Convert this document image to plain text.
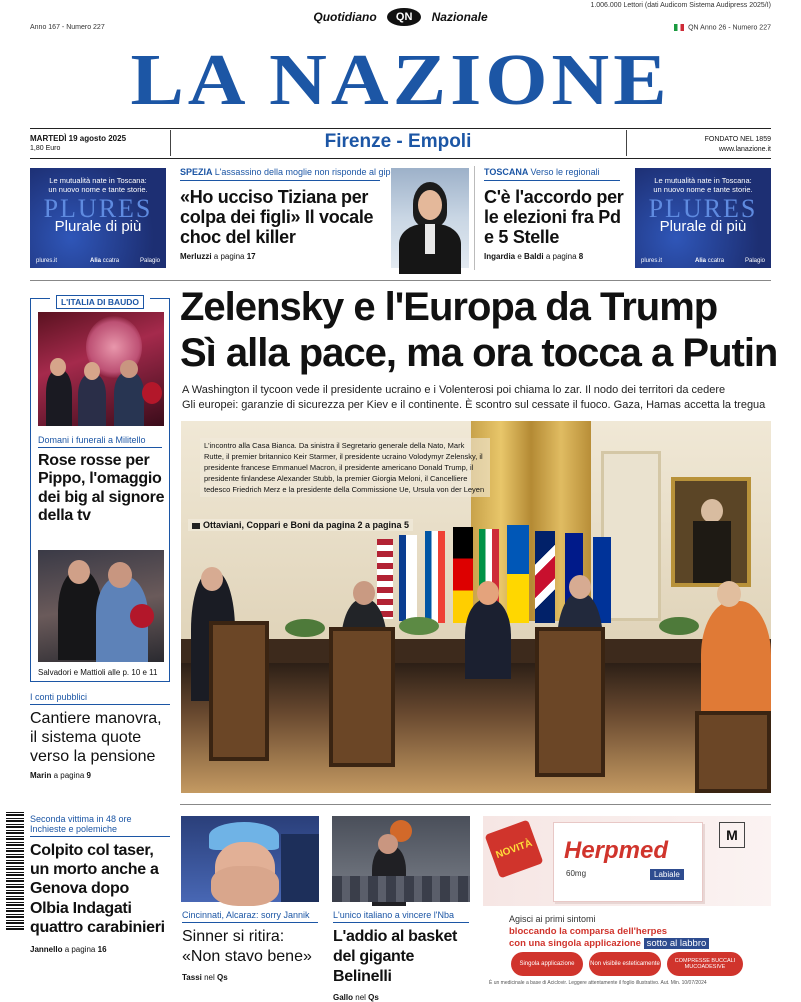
1.006.000 Lettori (dati Audicom Sistema Audipress 2025/I)
Quotidiano QN Nazionale
Anno 167 - Numero 227	QN Anno 26 - Numero 227
LA NAZIONE
MARTEDÌ 19 agosto 2025
1,80 Euro	Firenze - Empoli	FONDATO NEL 1859
www.lanazione.it
Le mutualità nate in Toscana:
un nuovo nome e tante storie.
PLURES
Plurale di più
plures.it	Alia ccatra	Palagio
SPEZIA L'assassino della moglie non risponde al gip
«Ho ucciso Tiziana per colpa dei figli» Il vocale choc del killer
Merluzzi a pagina 17
TOSCANA Verso le regionali
C'è l'accordo per le elezioni fra Pd e 5 Stelle
Ingardia e Baldi a pagina 8
Le mutualità nate in Toscana:
un nuovo nome e tante storie.
PLURES
Plurale di più
plures.it	Alia ccatra	Palagio
L'ITALIA DI BAUDO
Domani i funerali a Militello
Rose rosse per Pippo, l'omaggio dei big al signore della tv
Salvadori e Mattioli alle p. 10 e 11
I conti pubblici
Cantiere manovra, il sistema quote verso la pensione
Marin a pagina 9
Zelensky e l'Europa da Trump
Sì alla pace, ma ora tocca a Putin
A Washington il tycoon vede il presidente ucraino e i Volenterosi poi chiama lo zar. Il nodo dei territori da cedere
Gli europei: garanzie di sicurezza per Kiev e il continente. È scontro sul cessate il fuoco. Gaza, Hamas accetta la tregua
L'incontro alla Casa Bianca. Da sinistra il Segretario generale della Nato, Mark Rutte, il premier britannico Keir Starmer, il presidente ucraino Volodymyr Zelensky, il presidente francese Emmanuel Macron, il presidente americano Donald Trump, il presidente finlandese Alexander Stubb, la premier Giorgia Meloni, il Cancelliere tedesco Friedrich Merz e la presidente della Commissione Ue, Ursula von der Leyen
Ottaviani, Coppari e Boni da pagina 2 a pagina 5
Seconda vittima in 48 ore
Inchieste e polemiche
Colpito col taser, un morto anche a Genova dopo Olbia Indagati quattro carabinieri
Jannello a pagina 16
Cincinnati, Alcaraz: sorry Jannik
Sinner si ritira: «Non stavo bene»
Tassi nel Qs
L'unico italiano a vincere l'Nba
L'addio al basket del gigante Belinelli
Gallo nel Qs
NOVITÀ	Herpmed
Labiale
60mg
M
Agisci ai primi sintomi
bloccando la comparsa dell'herpes
con una singola applicazione sotto al labbro
Singola applicazione	Non visibile esteticamente	COMPRESSE BUCCALI MUCOADESIVE
È un medicinale a base di Aciclovir. Leggere attentamente il foglio illustrativo. Aut. Min. 10/07/2024
